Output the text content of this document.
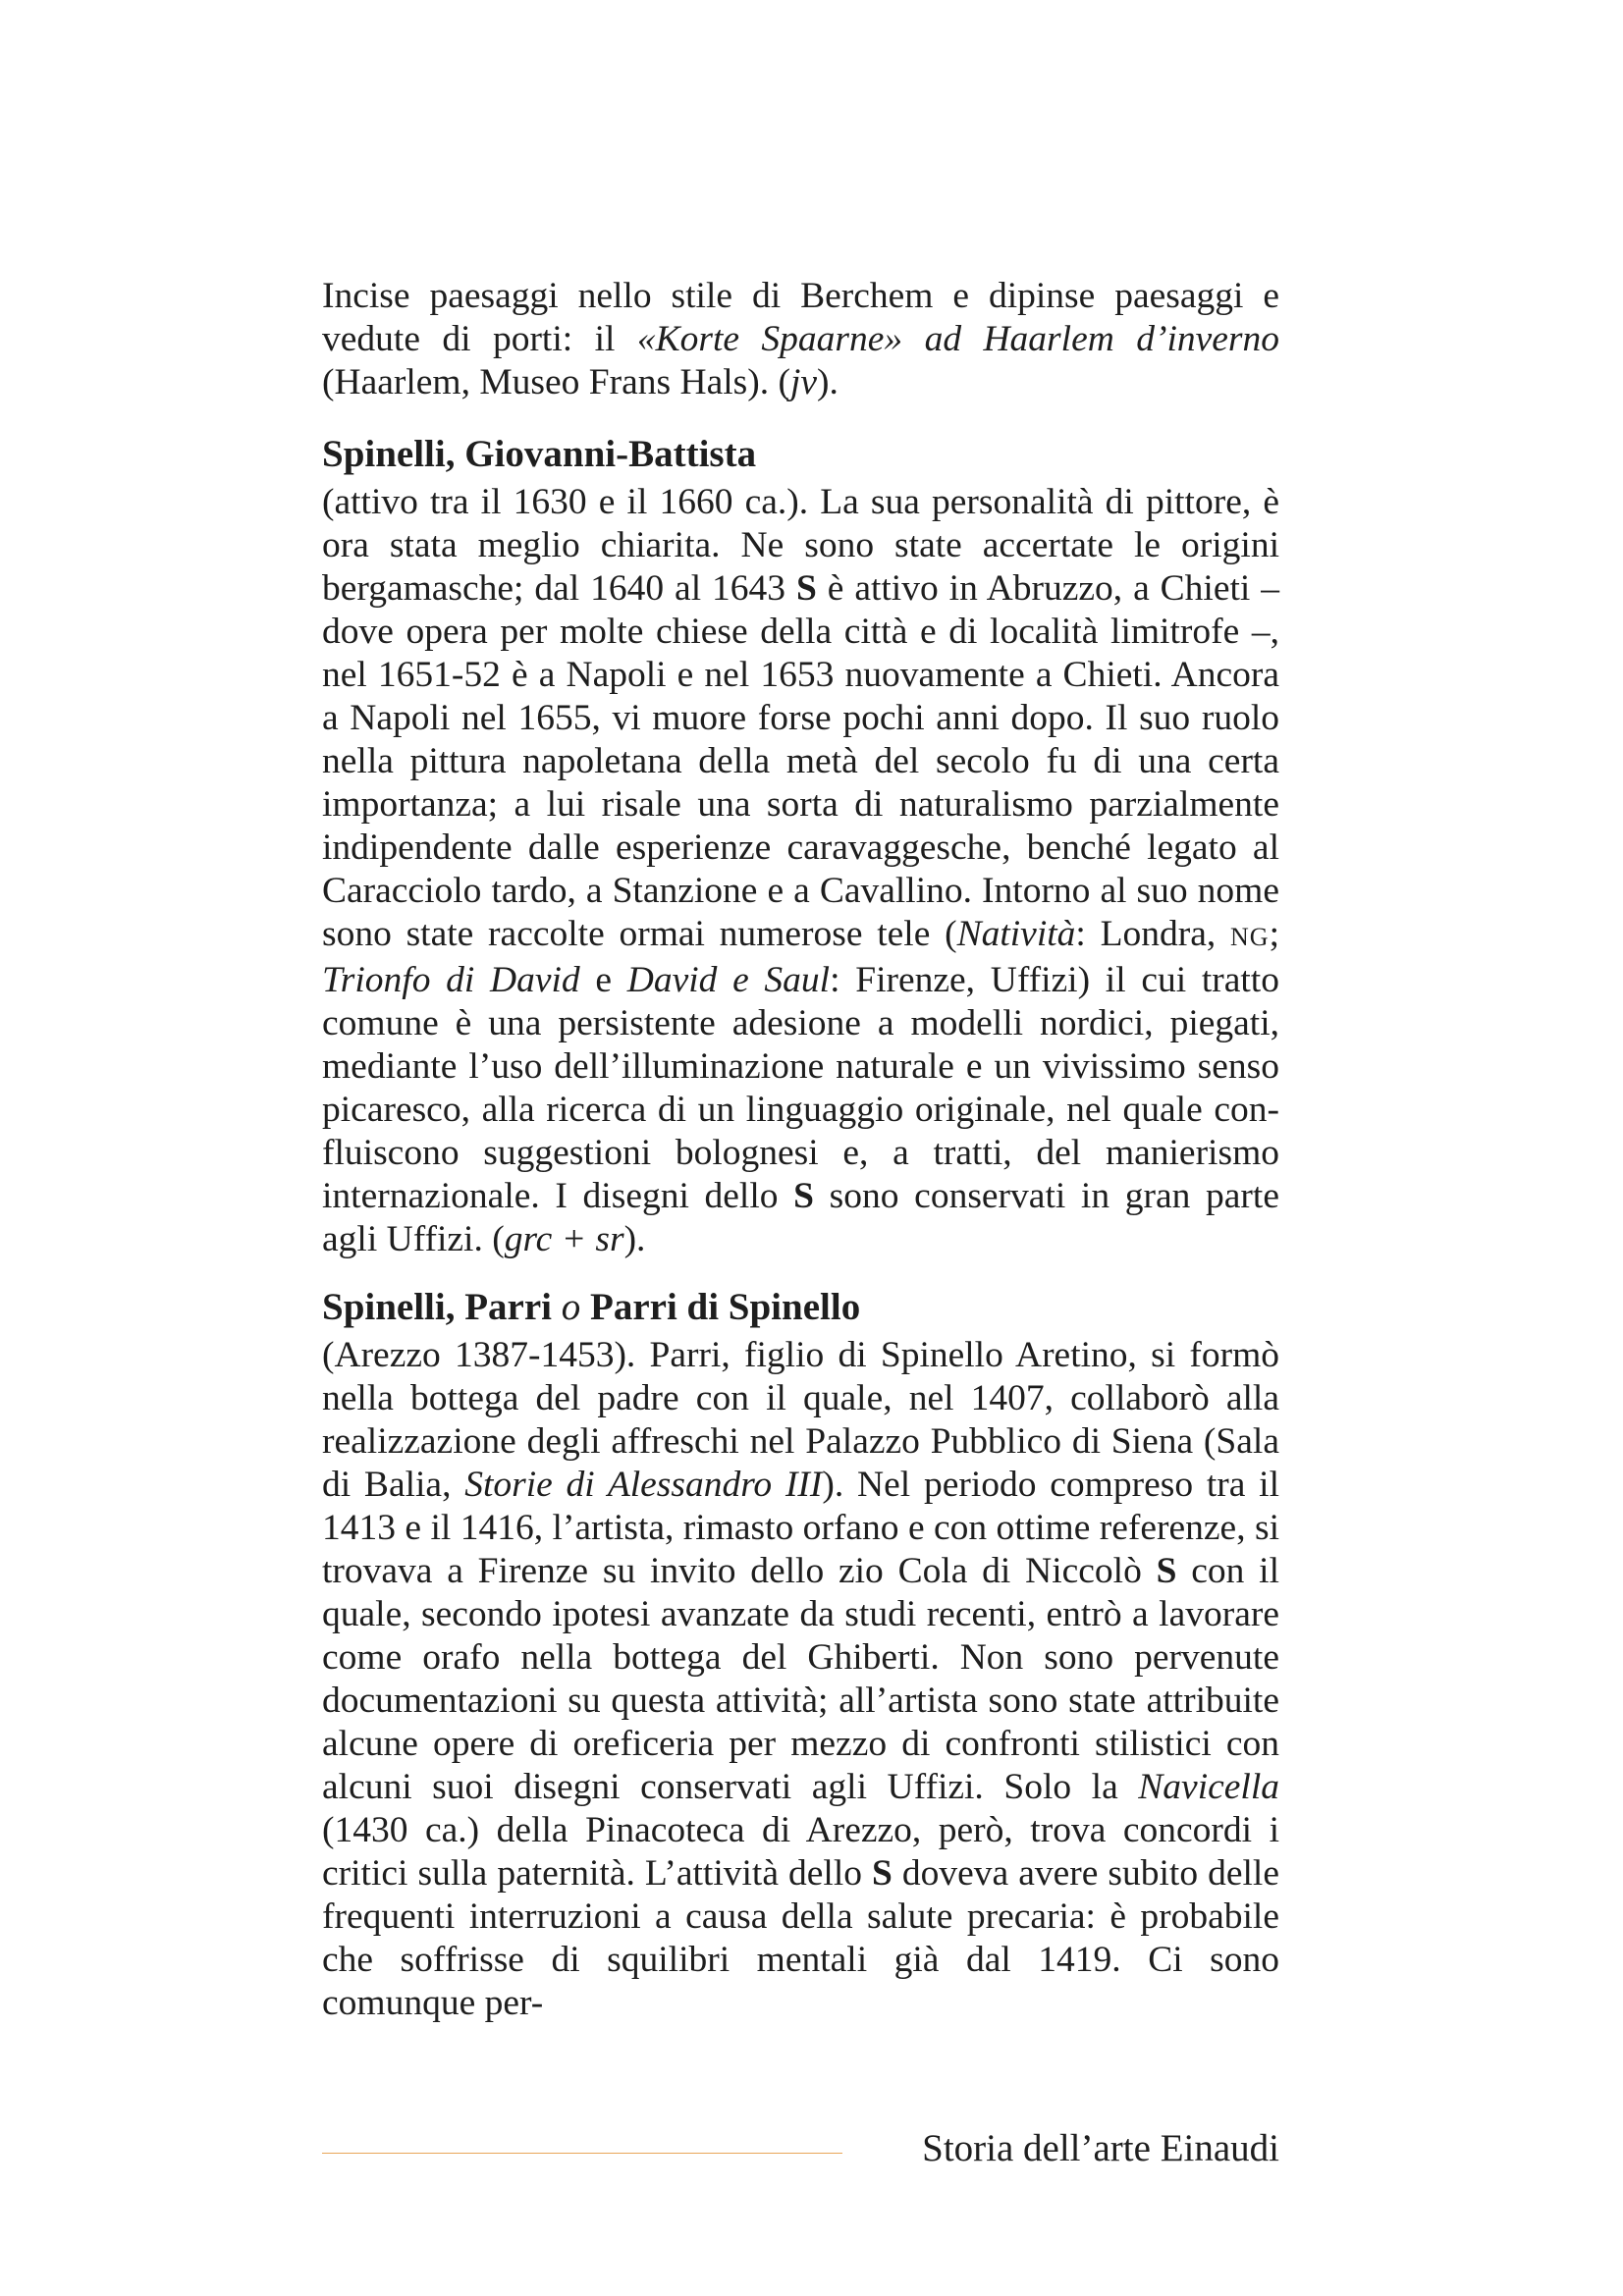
Incise paesaggi nello stile di Berchem e dipinse paesaggi e vedute di porti: il «Korte Spaarne» ad Haarlem d’inverno (Haarlem, Museo Frans Hals). (jv).

Spinelli, Giovanni-Battista

(attivo tra il 1630 e il 1660 ca.). La sua personalità di pittore, è ora stata meglio chiarita. Ne sono state accertate le origini bergamasche; dal 1640 al 1643 S è attivo in Abruzzo, a Chieti – dove opera per molte chiese della città e di località limitrofe –, nel 1651-52 è a Napoli e nel 1653 nuovamente a Chieti. Ancora a Napoli nel 1655, vi muore forse pochi anni dopo. Il suo ruolo nella pittura napoletana della metà del secolo fu di una certa importanza; a lui risale una sorta di naturalismo parzialmente indipendente dalle esperienze caravaggesche, benché legato al Caracciolo tardo, a Stanzione e a Cavallino. Intorno al suo nome sono state raccolte ormai numerose tele (Natività: Londra, NG; Trionfo di David e David e Saul: Firenze, Uffizi) il cui tratto comune è una persistente adesione a modelli nordici, piegati, mediante l’uso dell’illuminazione naturale e un vivissimo senso picaresco, alla ricerca di un linguaggio originale, nel quale confluiscono suggestioni bolognesi e, a tratti, del manierismo internazionale. I disegni dello S sono conservati in gran parte agli Uffizi. (grc + sr).

Spinelli, Parri o Parri di Spinello

(Arezzo 1387-1453). Parri, figlio di Spinello Aretino, si formò nella bottega del padre con il quale, nel 1407, collaborò alla realizzazione degli affreschi nel Palazzo Pubblico di Siena (Sala di Balia, Storie di Alessandro III). Nel periodo compreso tra il 1413 e il 1416, l’artista, rimasto orfano e con ottime referenze, si trovava a Firenze su invito dello zio Cola di Niccolò S con il quale, secondo ipotesi avanzate da studi recenti, entrò a lavorare come orafo nella bottega del Ghiberti. Non sono pervenute documentazioni su questa attività; all’artista sono state attribuite alcune opere di oreficeria per mezzo di confronti stilistici con alcuni suoi disegni conservati agli Uffizi. Solo la Navicella (1430 ca.) della Pinacoteca di Arezzo, però, trova concordi i critici sulla paternità. L’attività dello S doveva avere subito delle frequenti interruzioni a causa della salute precaria: è probabile che soffrisse di squilibri mentali già dal 1419. Ci sono comunque per-

Storia dell’arte Einaudi
